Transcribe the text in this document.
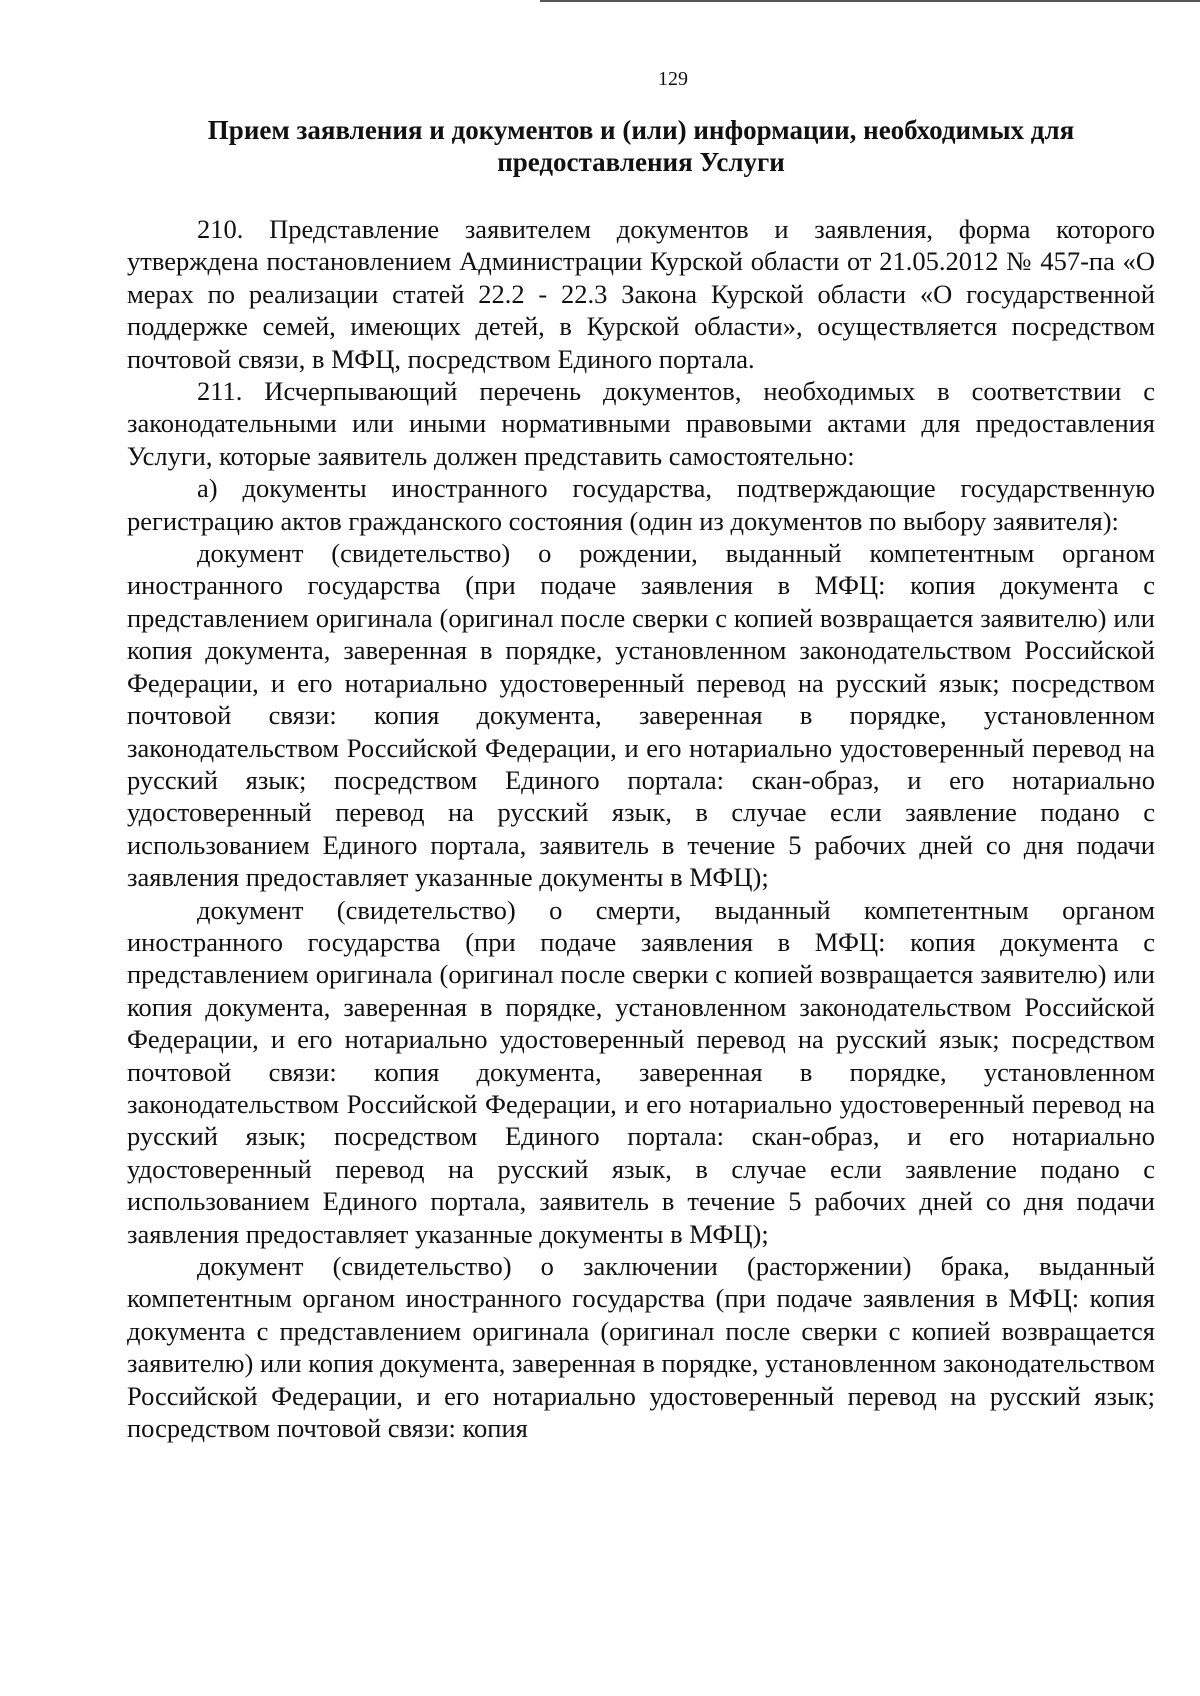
129
Прием заявления и документов и (или) информации, необходимых для
предоставления Услуги

210. Представление заявителем документов и заявления, форма которого утверждена постановлением Администрации Курской области от 21.05.2012 № 457-па «О мерах по реализации статей 22.2 - 22.3 Закона Курской области «О государственной поддержке семей, имеющих детей, в Курской области», осуществляется посредством почтовой связи, в МФЦ, посредством Единого портала.

211. Исчерпывающий перечень документов, необходимых в соответствии с законодательными или иными нормативными правовыми актами для предоставления Услуги, которые заявитель должен представить самостоятельно:

а) документы иностранного государства, подтверждающие государственную регистрацию актов гражданского состояния (один из документов по выбору заявителя):

документ (свидетельство) о рождении, выданный компетентным органом иностранного государства (при подаче заявления в МФЦ: копия документа с представлением оригинала (оригинал после сверки с копией возвращается заявителю) или копия документа, заверенная в порядке, установленном законодательством Российской Федерации, и его нотариально удостоверенный перевод на русский язык; посредством почтовой связи: копия документа, заверенная в порядке, установленном законодательством Российской Федерации, и его нотариально удостоверенный перевод на русский язык; посредством Единого портала: скан-образ, и его нотариально удостоверенный перевод на русский язык, в случае если заявление подано с использованием Единого портала, заявитель в течение 5 рабочих дней со дня подачи заявления предоставляет указанные документы в МФЦ);

документ (свидетельство) о смерти, выданный компетентным органом иностранного государства (при подаче заявления в МФЦ: копия документа с представлением оригинала (оригинал после сверки с копией возвращается заявителю) или копия документа, заверенная в порядке, установленном законодательством Российской Федерации, и его нотариально удостоверенный перевод на русский язык; посредством почтовой связи: копия документа, заверенная в порядке, установленном законодательством Российской Федерации, и его нотариально удостоверенный перевод на русский язык; посредством Единого портала: скан-образ, и его нотариально удостоверенный перевод на русский язык, в случае если заявление подано с использованием Единого портала, заявитель в течение 5 рабочих дней со дня подачи заявления предоставляет указанные документы в МФЦ);

документ (свидетельство) о заключении (расторжении) брака, выданный компетентным органом иностранного государства (при подаче заявления в МФЦ: копия документа с представлением оригинала (оригинал после сверки с копией возвращается заявителю) или копия документа, заверенная в порядке, установленном законодательством Российской Федерации, и его нотариально удостоверенный перевод на русский язык; посредством почтовой связи: копия
